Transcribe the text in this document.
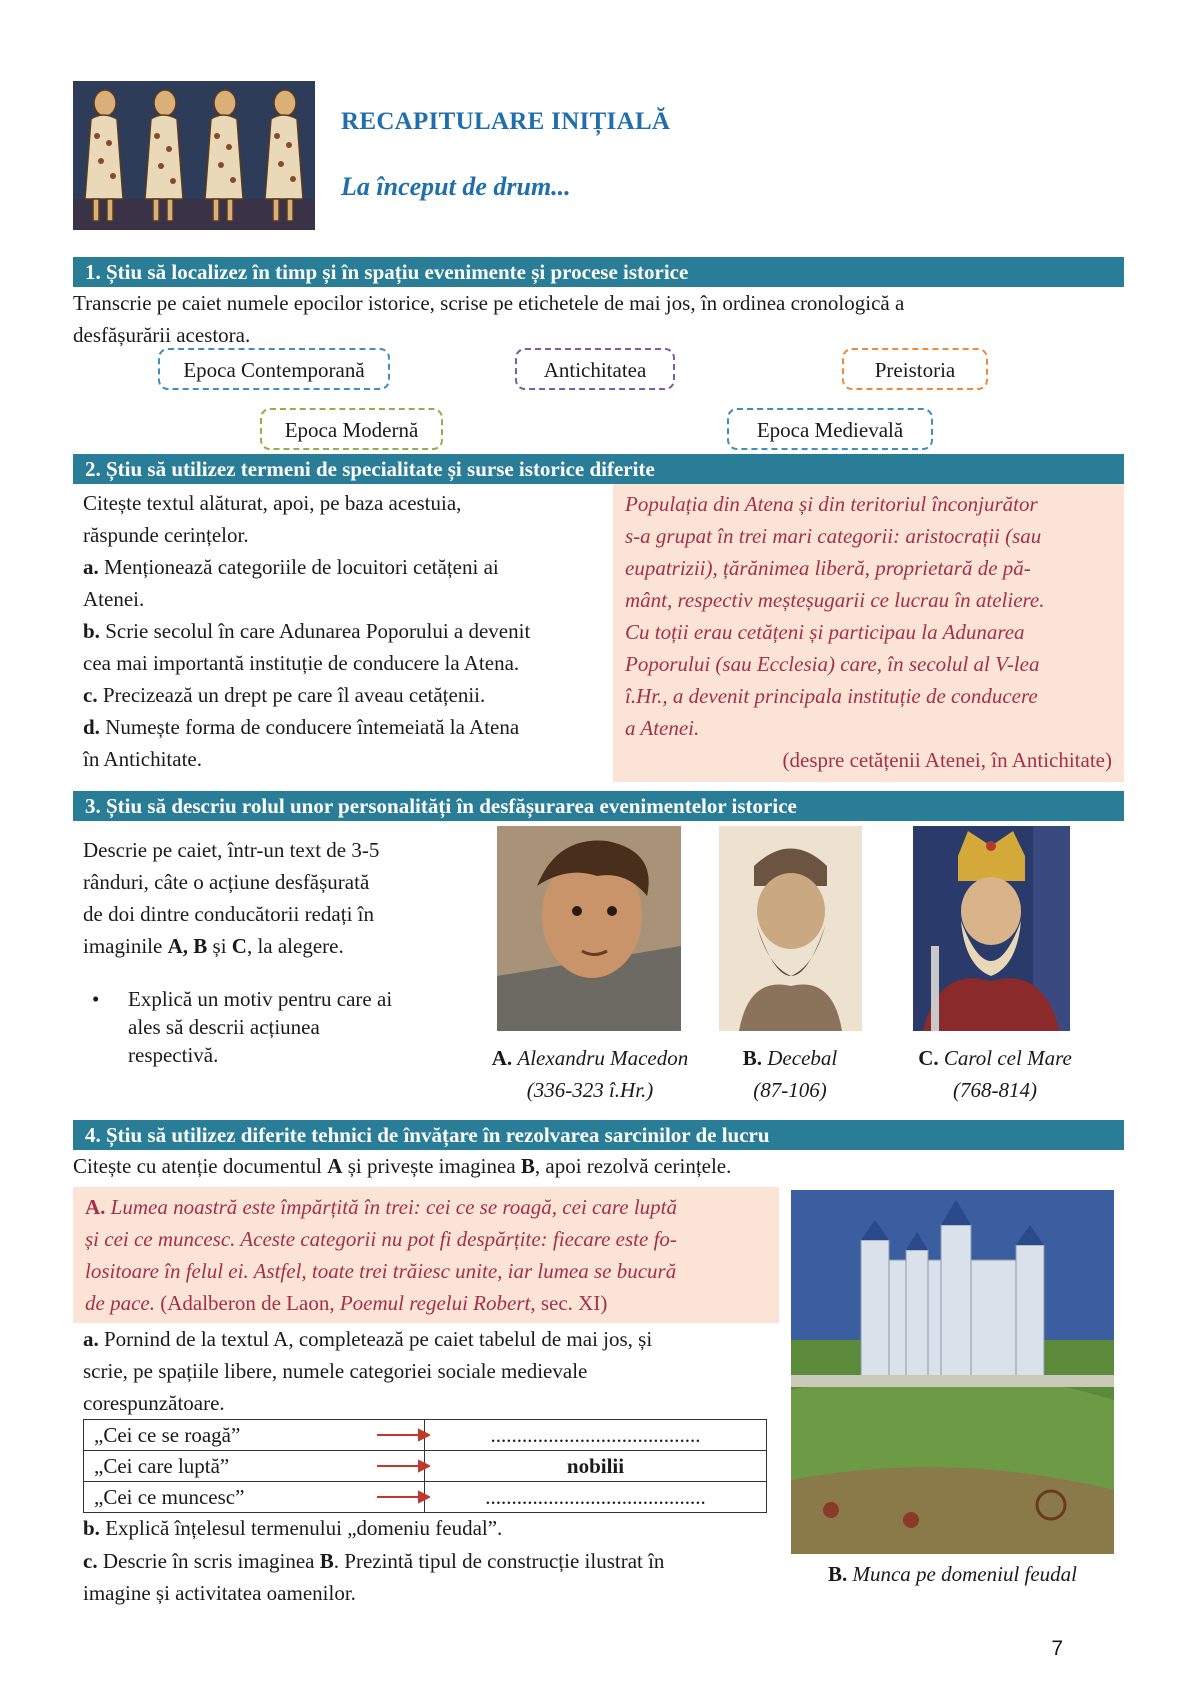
RECAPITULARE INIȚIALĂ
La început de drum...
1. Știu să localizez în timp și în spațiu evenimente și procese istorice
Transcrie pe caiet numele epocilor istorice, scrise pe etichetele de mai jos, în ordinea cronologică a
desfășurării acestora.
Epoca Contemporană	Antichitatea	Preistoria
Epoca Modernă	Epoca Medievală
2. Știu să utilizez termeni de specialitate și surse istorice diferite
Citește textul alăturat, apoi, pe baza acestuia,
răspunde cerințelor.
a. Menționează categoriile de locuitori cetățeni ai
Atenei.
b. Scrie secolul în care Adunarea Poporului a devenit
cea mai importantă instituție de conducere la Atena.
c. Precizează un drept pe care îl aveau cetățenii.
d. Numește forma de conducere întemeiată la Atena
în Antichitate.
Populația din Atena și din teritoriul înconjurător
s-a grupat în trei mari categorii: aristocrații (sau
eupatrizii), țărănimea liberă, proprietară de pă-
mânt, respectiv meșteșugarii ce lucrau în ateliere.
Cu toții erau cetățeni și participau la Adunarea
Poporului (sau Ecclesia) care, în secolul al V-lea
î.Hr., a devenit principala instituție de conducere
a Atenei.
(despre cetățenii Atenei, în Antichitate)
3. Știu să descriu rolul unor personalități în desfășurarea evenimentelor istorice
Descrie pe caiet, într-un text de 3-5
rânduri, câte o acțiune desfășurată
de doi dintre conducătorii redați în
imaginile A, B și C, la alegere.
• Explică un motiv pentru care ai
ales să descrii acțiunea
respectivă.	A. Alexandru Macedon
(336-323 î.Hr.)
B. Decebal
(87-106)
C. Carol cel Mare
(768-814)
4. Știu să utilizez diferite tehnici de învățare în rezolvarea sarcinilor de lucru
Citește cu atenție documentul A și privește imaginea B, apoi rezolvă cerințele.
A. Lumea noastră este împărțită în trei: cei ce se roagă, cei care luptă
și cei ce muncesc. Aceste categorii nu pot fi despărțite: fiecare este fo-
lositoare în felul ei. Astfel, toate trei trăiesc unite, iar lumea se bucură
de pace. (Adalberon de Laon, Poemul regelui Robert, sec. XI)
a. Pornind de la textul A, completează pe caiet tabelul de mai jos, și
scrie, pe spațiile libere, numele categoriei sociale medievale
corespunzătoare.
„Cei ce se roagă”	........................................
„Cei care luptă”	nobilii
„Cei ce muncesc”	..........................................
b. Explică înțelesul termenului „domeniu feudal”.
c. Descrie în scris imaginea B. Prezintă tipul de construcție ilustrat în
imagine și activitatea oamenilor.
B. Munca pe domeniul feudal
7
